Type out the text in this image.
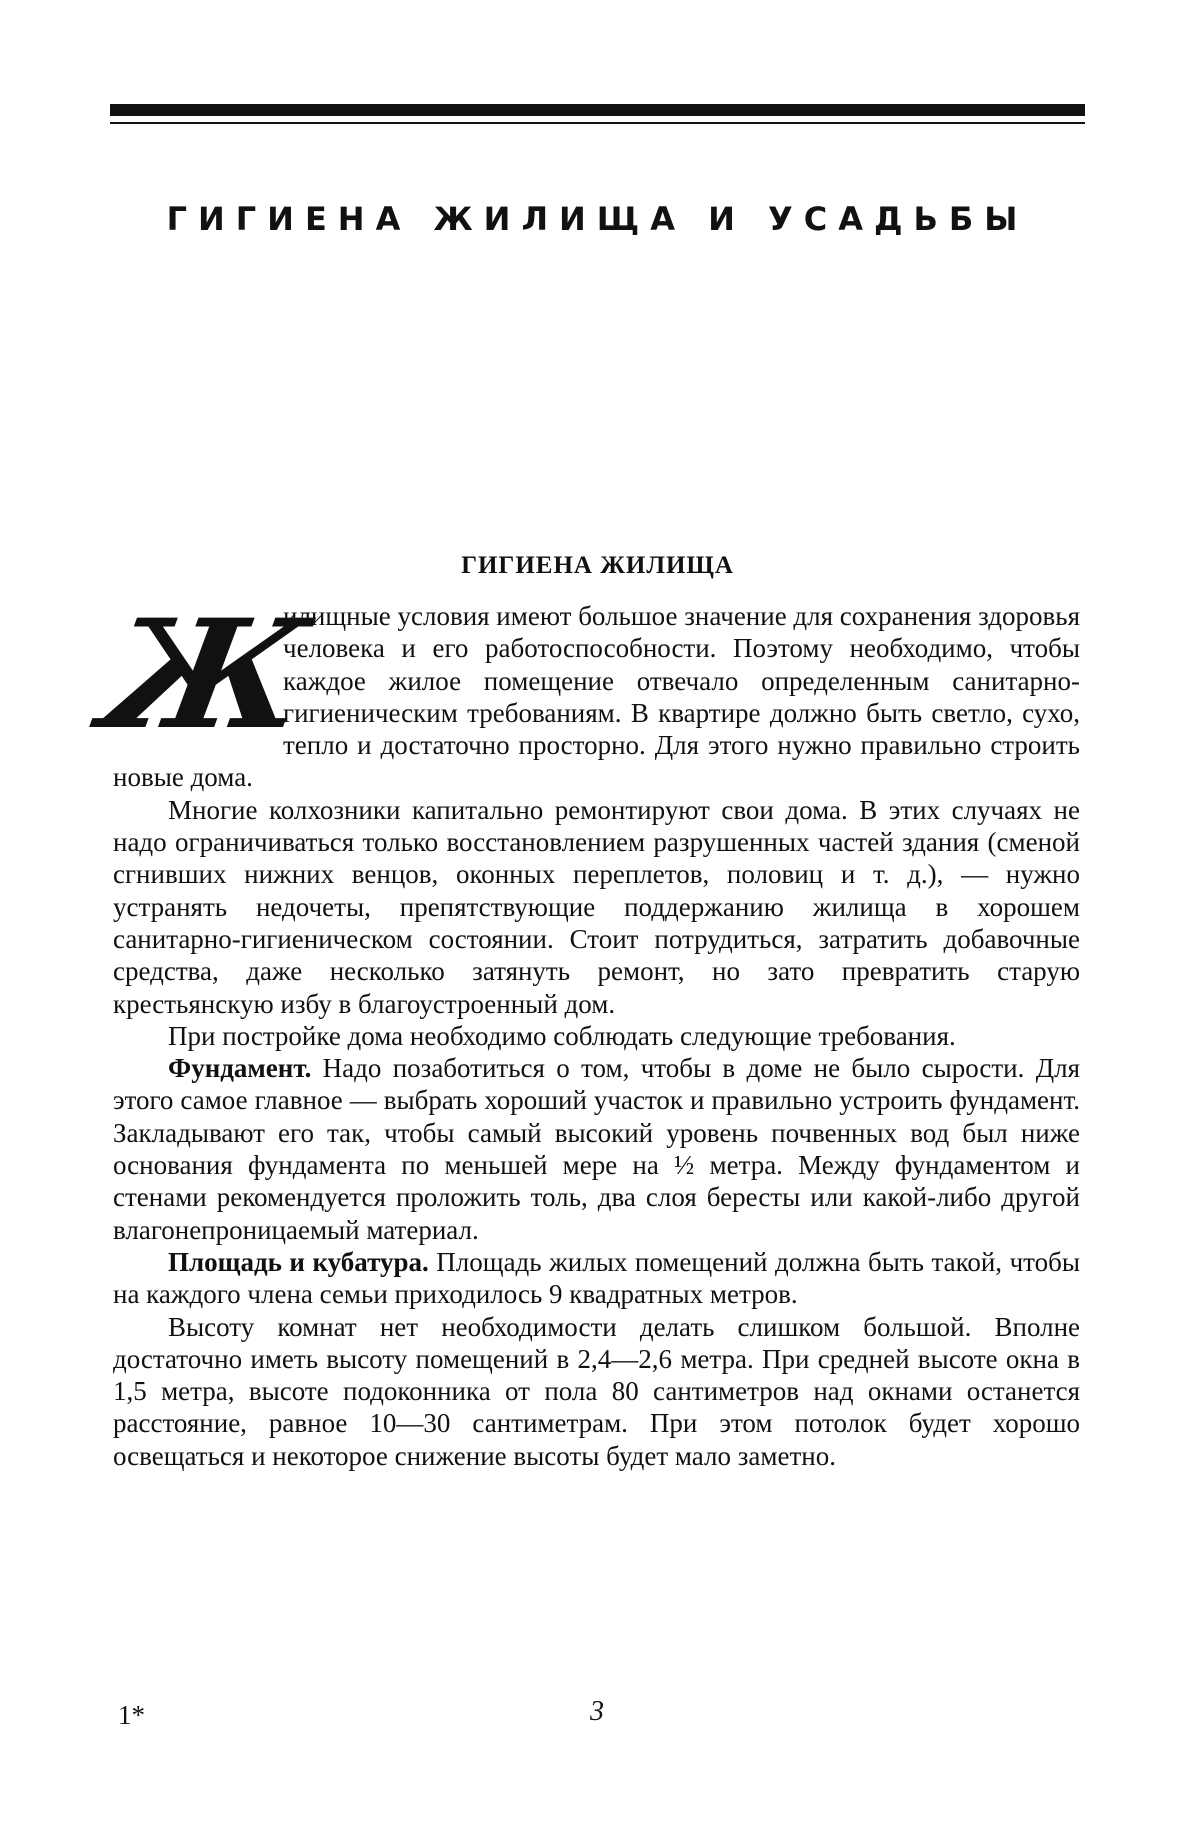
ГИГИЕНА ЖИЛИЩА И УСАДЬБЫ
ГИГИЕНА ЖИЛИЩА

Ж
илищные условия имеют большое значение для сохранения здоровья человека и его работоспособности. Поэтому необходимо, чтобы каждое жилое помещение отвечало определенным санитарно-гигиеническим требованиям. В квартире должно быть светло, сухо, тепло и достаточно просторно. Для этого нужно правильно строить новые дома.

Многие колхозники капитально ремонтируют свои дома. В этих случаях не надо ограничиваться только восстановлением разрушенных частей здания (сменой сгнивших нижних венцов, оконных переплетов, половиц и т. д.), — нужно устранять недочеты, препятствующие поддержанию жилища в хорошем санитарно-гигиеническом состоянии. Стоит потрудиться, затратить добавочные средства, даже несколько затянуть ремонт, но зато превратить старую крестьянскую избу в благоустроенный дом.

При постройке дома необходимо соблюдать следующие требования.

Фундамент. Надо позаботиться о том, чтобы в доме не было сырости. Для этого самое главное — выбрать хороший участок и правильно устроить фундамент. Закладывают его так, чтобы самый высокий уровень почвенных вод был ниже основания фундамента по меньшей мере на ½ метра. Между фундаментом и стенами рекомендуется проложить толь, два слоя бересты или какой-либо другой влагонепроницаемый материал.

Площадь и кубатура. Площадь жилых помещений должна быть такой, чтобы на каждого члена семьи приходилось 9 квадратных метров.

Высоту комнат нет необходимости делать слишком большой. Вполне достаточно иметь высоту помещений в 2,4—2,6 метра. При средней высоте окна в 1,5 метра, высоте подоконника от пола 80 сантиметров над окнами останется расстояние, равное 10—30 сантиметрам. При этом потолок будет хорошо освещаться и некоторое снижение высоты будет мало заметно.

1*	3
